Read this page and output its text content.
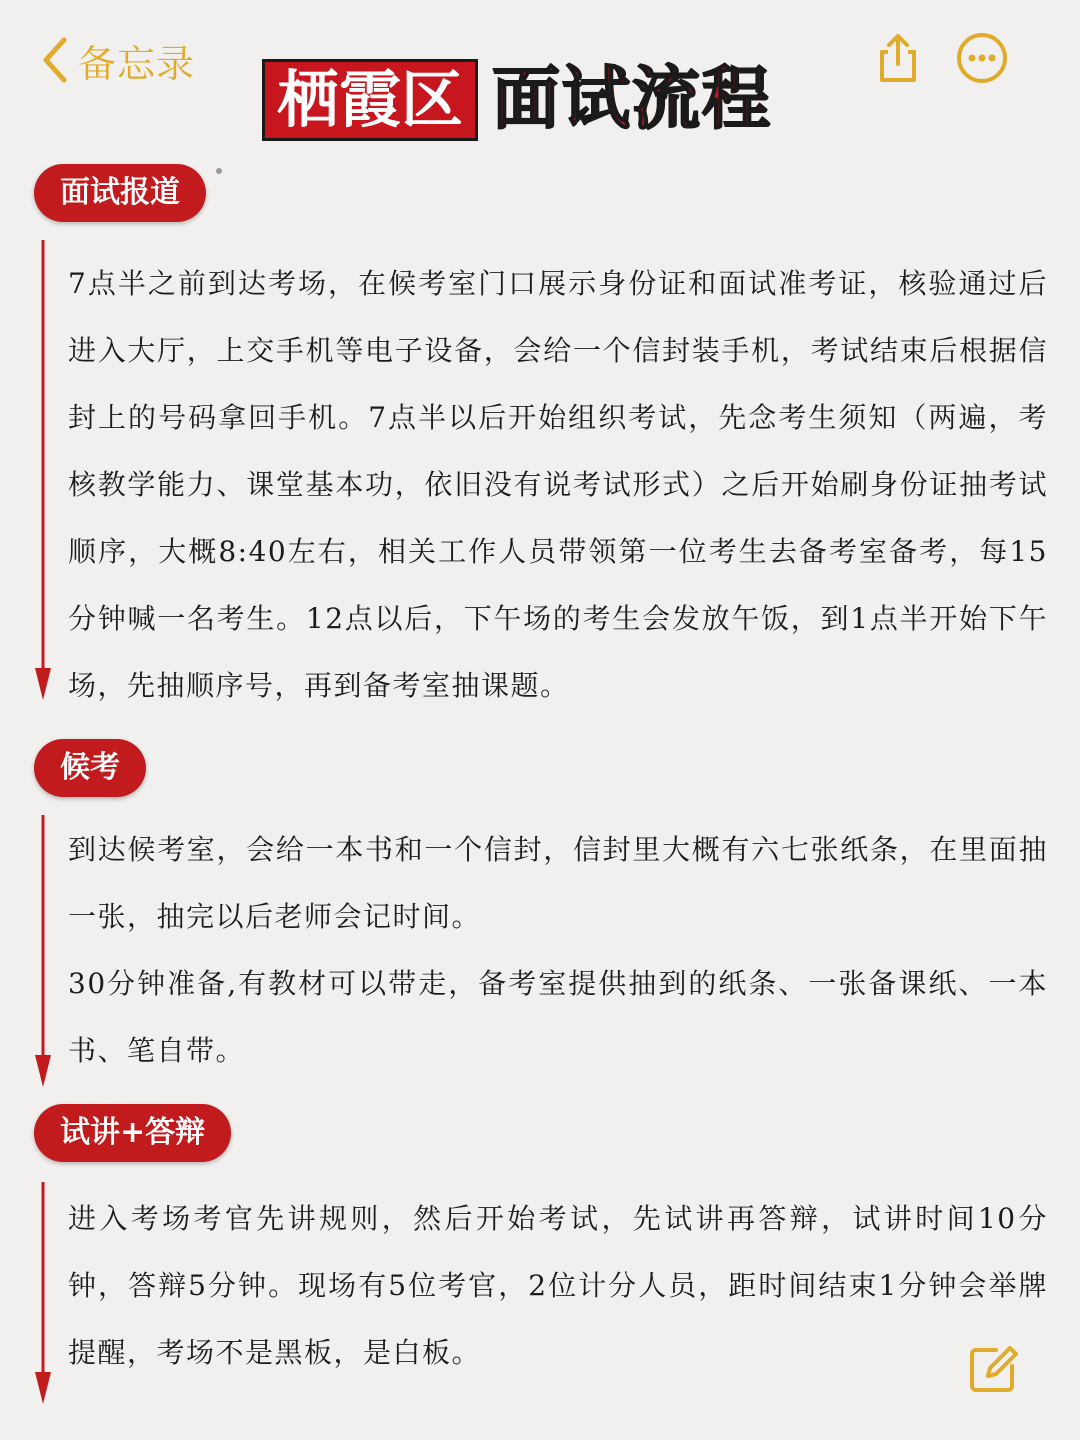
备忘录 栖霞区 面试流程
面试报道

7点半之前到达考场，在候考室门口展示身份证和面试准考证，核验通过后进入大厅，上交手机等电子设备，会给一个信封装手机，考试结束后根据信封上的号码拿回手机。7点半以后开始组织考试，先念考生须知（两遍，考核教学能力、课堂基本功，依旧没有说考试形式）之后开始刷身份证抽考试顺序，大概8:40左右，相关工作人员带领第一位考生去备考室备考，每15分钟喊一名考生。12点以后，下午场的考生会发放午饭，到1点半开始下午场，先抽顺序号，再到备考室抽课题。

候考

到达候考室，会给一本书和一个信封，信封里大概有六七张纸条，在里面抽一张，抽完以后老师会记时间。

30分钟准备,有教材可以带走，备考室提供抽到的纸条、一张备课纸、一本书、笔自带。

试讲+答辩

进入考场考官先讲规则，然后开始考试，先试讲再答辩，试讲时间10分钟，答辩5分钟。现场有5位考官，2位计分人员，距时间结束1分钟会举牌提醒，考场不是黑板，是白板。
